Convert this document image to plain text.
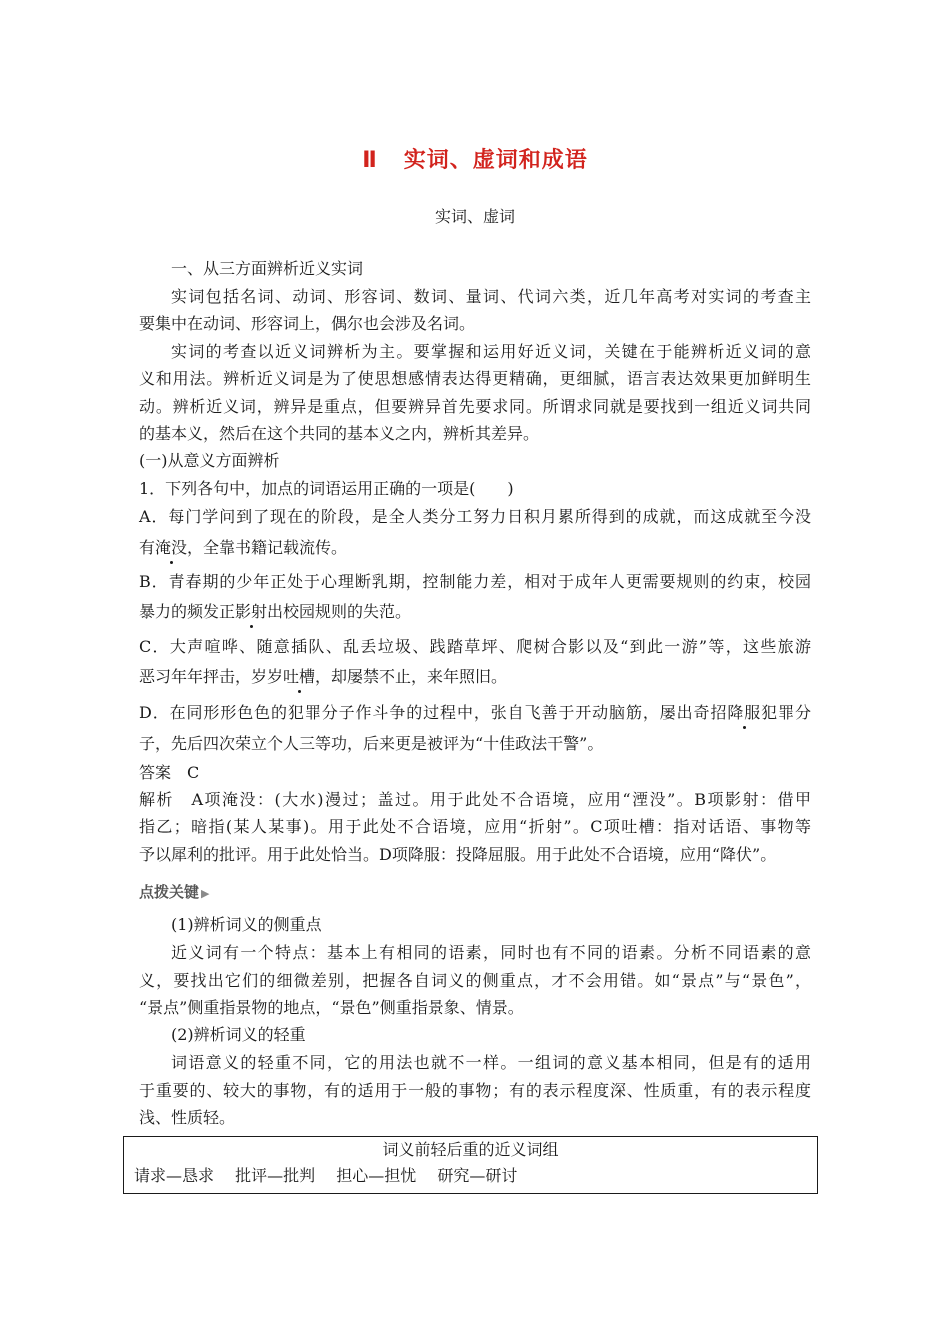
Ⅱ 实词、虚词和成语
实词、虚词
一、从三方面辨析近义实词
实词包括名词、动词、形容词、数词、量词、代词六类，近几年高考对实词的考查主
要集中在动词、形容词上，偶尔也会涉及名词。
实词的考查以近义词辨析为主。要掌握和运用好近义词，关键在于能辨析近义词的意
义和用法。辨析近义词是为了使思想感情表达得更精确，更细腻，语言表达效果更加鲜明生
动。辨析近义词，辨异是重点，但要辨异首先要求同。所谓求同就是要找到一组近义词共同
的基本义，然后在这个共同的基本义之内，辨析其差异。
(一)从意义方面辨析
1．下列各句中，加点的词语运用正确的一项是(　　)
A．每门学问到了现在的阶段，是全人类分工努力日积月累所得到的成就，而这成就至今没
有淹没，全靠书籍记载流传。
B．青春期的少年正处于心理断乳期，控制能力差，相对于成年人更需要规则的约束，校园
暴力的频发正影射出校园规则的失范。
C．大声喧哗、随意插队、乱丢垃圾、践踏草坪、爬树合影以及“到此一游”等，这些旅游
恶习年年抨击，岁岁吐槽，却屡禁不止，来年照旧。
D．在同形形色色的犯罪分子作斗争的过程中，张自飞善于开动脑筋，屡出奇招降服犯罪分
子，先后四次荣立个人三等功，后来更是被评为“十佳政法干警”。
答案　C
解析　A项淹没：(大水)漫过；盖过。用于此处不合语境，应用“湮没”。B项影射：借甲
指乙；暗指(某人某事)。用于此处不合语境，应用“折射”。C项吐槽：指对话语、事物等
予以犀利的批评。用于此处恰当。D项降服：投降屈服。用于此处不合语境，应用“降伏”。
点拨关键 ▶
(1)辨析词义的侧重点
近义词有一个特点：基本上有相同的语素，同时也有不同的语素。分析不同语素的意
义，要找出它们的细微差别，把握各自词义的侧重点，才不会用错。如“景点”与“景色”，
“景点”侧重指景物的地点，“景色”侧重指景象、情景。
(2)辨析词义的轻重
词语意义的轻重不同，它的用法也就不一样。一组词的意义基本相同，但是有的适用
于重要的、较大的事物，有的适用于一般的事物；有的表示程度深、性质重，有的表示程度
浅、性质轻。
词义前轻后重的近义词组
请求—恳求 批评—批判 担心—担忧 研究—研讨
